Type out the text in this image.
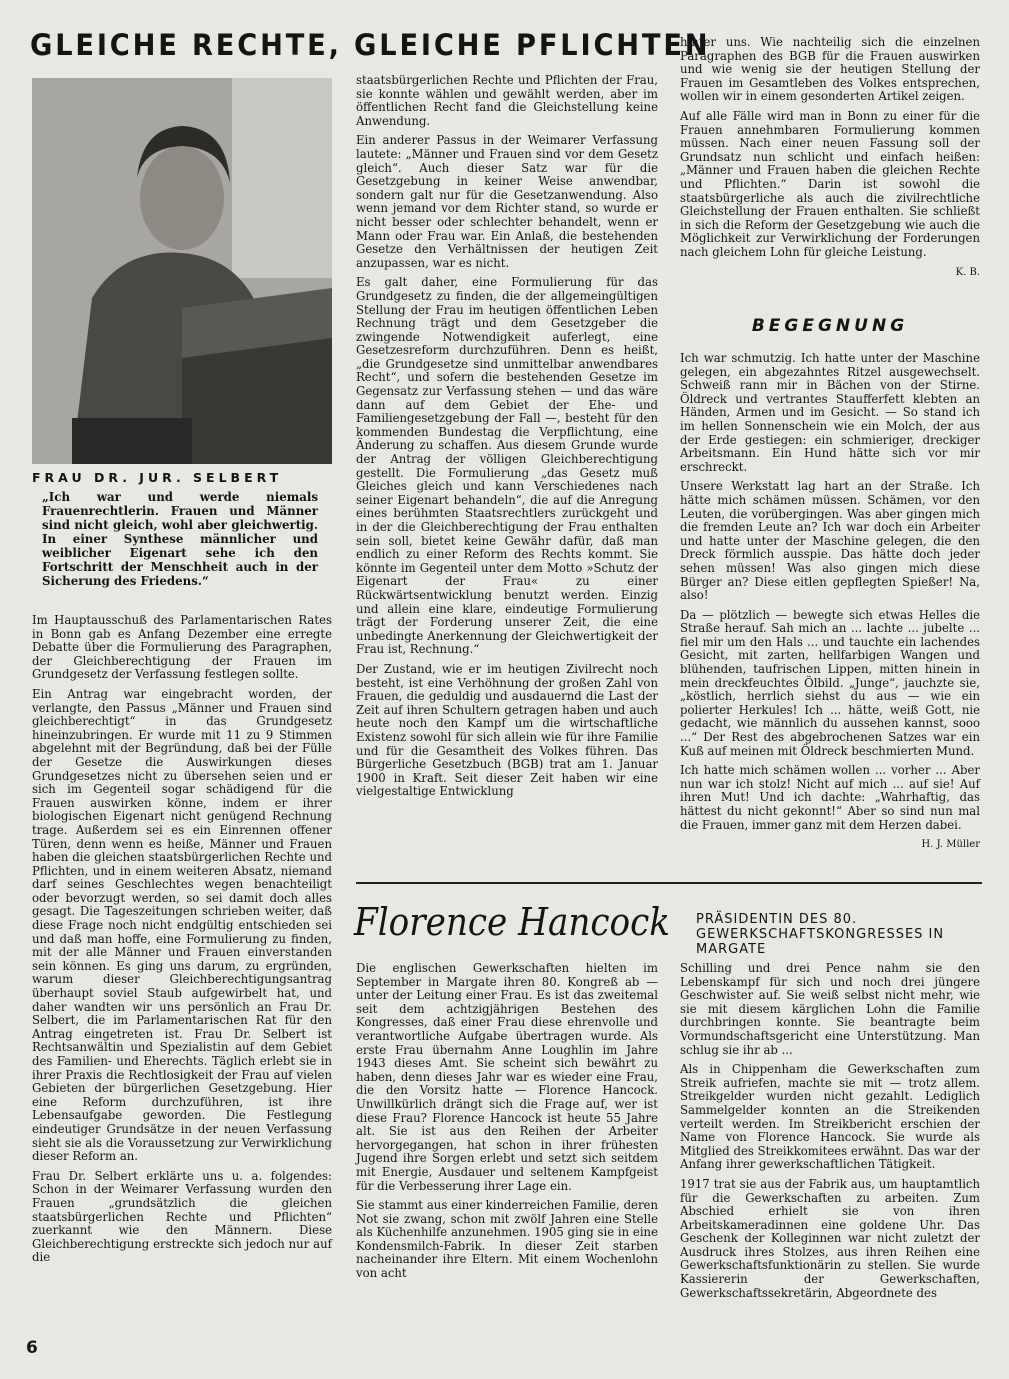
GLEICHE RECHTE, GLEICHE PFLICHTEN
FRAU DR. JUR. SELBERT
„Ich war und werde niemals Frauenrechtlerin. Frauen und Männer sind nicht gleich, wohl aber gleichwertig. In einer Synthese männlicher und weiblicher Eigenart sehe ich den Fortschritt der Menschheit auch in der Sicherung des Friedens.“

Im Hauptausschuß des Parlamentarischen Rates in Bonn gab es Anfang Dezember eine erregte Debatte über die Formulierung des Paragraphen, der Gleichberechtigung der Frauen im Grundgesetz der Verfassung festlegen sollte.

Ein Antrag war eingebracht worden, der verlangte, den Passus „Männer und Frauen sind gleichberechtigt“ in das Grundgesetz hineinzubringen. Er wurde mit 11 zu 9 Stimmen abgelehnt mit der Begründung, daß bei der Fülle der Gesetze die Auswirkungen dieses Grundgesetzes nicht zu übersehen seien und er sich im Gegenteil sogar schädigend für die Frauen auswirken könne, indem er ihrer biologischen Eigenart nicht genügend Rechnung trage. Außerdem sei es ein Einrennen offener Türen, denn wenn es heiße, Männer und Frauen haben die gleichen staatsbürgerlichen Rechte und Pflichten, und in einem weiteren Absatz, niemand darf seines Geschlechtes wegen benachteiligt oder bevorzugt werden, so sei damit doch alles gesagt. Die Tageszeitungen schrieben weiter, daß diese Frage noch nicht endgültig entschieden sei und daß man hoffe, eine Formulierung zu finden, mit der alle Männer und Frauen einverstanden sein können. Es ging uns darum, zu ergründen, warum dieser Gleichberechtigungsantrag überhaupt soviel Staub aufgewirbelt hat, und daher wandten wir uns persönlich an Frau Dr. Selbert, die im Parlamentarischen Rat für den Antrag eingetreten ist. Frau Dr. Selbert ist Rechtsanwältin und Spezialistin auf dem Gebiet des Familien- und Eherechts. Täglich erlebt sie in ihrer Praxis die Rechtlosigkeit der Frau auf vielen Gebieten der bürgerlichen Gesetzgebung. Hier eine Reform durchzuführen, ist ihre Lebensaufgabe geworden. Die Festlegung eindeutiger Grundsätze in der neuen Verfassung sieht sie als die Voraussetzung zur Verwirklichung dieser Reform an.

Frau Dr. Selbert erklärte uns u. a. folgendes: Schon in der Weimarer Verfassung wurden den Frauen „grundsätzlich die gleichen staatsbürgerlichen Rechte und Pflichten“ zuerkannt wie den Männern. Diese Gleichberechtigung erstreckte sich jedoch nur auf die

staatsbürgerlichen Rechte und Pflichten der Frau, sie konnte wählen und gewählt werden, aber im öffentlichen Recht fand die Gleichstellung keine Anwendung.

Ein anderer Passus in der Weimarer Verfassung lautete: „Männer und Frauen sind vor dem Gesetz gleich“. Auch dieser Satz war für die Gesetzgebung in keiner Weise anwendbar, sondern galt nur für die Gesetzanwendung. Also wenn jemand vor dem Richter stand, so wurde er nicht besser oder schlechter behandelt, wenn er Mann oder Frau war. Ein Anlaß, die bestehenden Gesetze den Verhältnissen der heutigen Zeit anzupassen, war es nicht.

Es galt daher, eine Formulierung für das Grundgesetz zu finden, die der allgemeingültigen Stellung der Frau im heutigen öffentlichen Leben Rechnung trägt und dem Gesetzgeber die zwingende Notwendigkeit auferlegt, eine Gesetzesreform durchzuführen. Denn es heißt, „die Grundgesetze sind unmittelbar anwendbares Recht“, und sofern die bestehenden Gesetze im Gegensatz zur Verfassung stehen — und das wäre dann auf dem Gebiet der Ehe- und Familiengesetzgebung der Fall —, besteht für den kommenden Bundestag die Verpflichtung, eine Änderung zu schaffen. Aus diesem Grunde wurde der Antrag der völligen Gleichberechtigung gestellt. Die Formulierung „das Gesetz muß Gleiches gleich und kann Verschiedenes nach seiner Eigenart behandeln“, die auf die Anregung eines berühmten Staatsrechtlers zurückgeht und in der die Gleichberechtigung der Frau enthalten sein soll, bietet keine Gewähr dafür, daß man endlich zu einer Reform des Rechts kommt. Sie könnte im Gegenteil unter dem Motto »Schutz der Eigenart der Frau« zu einer Rückwärtsentwicklung benutzt werden. Einzig und allein eine klare, eindeutige Formulierung trägt der Forderung unserer Zeit, die eine unbedingte Anerkennung der Gleichwertigkeit der Frau ist, Rechnung.“

Der Zustand, wie er im heutigen Zivilrecht noch besteht, ist eine Verhöhnung der großen Zahl von Frauen, die geduldig und ausdauernd die Last der Zeit auf ihren Schultern getragen haben und auch heute noch den Kampf um die wirtschaftliche Existenz sowohl für sich allein wie für ihre Familie und für die Gesamtheit des Volkes führen. Das Bürgerliche Gesetzbuch (BGB) trat am 1. Januar 1900 in Kraft. Seit dieser Zeit haben wir eine vielgestaltige Entwicklung

hinter uns. Wie nachteilig sich die einzelnen Paragraphen des BGB für die Frauen auswirken und wie wenig sie der heutigen Stellung der Frauen im Gesamtleben des Volkes entsprechen, wollen wir in einem gesonderten Artikel zeigen.

Auf alle Fälle wird man in Bonn zu einer für die Frauen annehmbaren Formulierung kommen müssen. Nach einer neuen Fassung soll der Grundsatz nun schlicht und einfach heißen: „Männer und Frauen haben die gleichen Rechte und Pflichten.“ Darin ist sowohl die staatsbürgerliche als auch die zivilrechtliche Gleichstellung der Frauen enthalten. Sie schließt in sich die Reform der Gesetzgebung wie auch die Möglichkeit zur Verwirklichung der Forderungen nach gleichem Lohn für gleiche Leistung.

K. B.
BEGEGNUNG

Ich war schmutzig. Ich hatte unter der Maschine gelegen, ein abgezahntes Ritzel ausgewechselt. Schweiß rann mir in Bächen von der Stirne. Öldreck und vertrantes Staufferfett klebten an Händen, Armen und im Gesicht. — So stand ich im hellen Sonnenschein wie ein Molch, der aus der Erde gestiegen: ein schmieriger, dreckiger Arbeitsmann. Ein Hund hätte sich vor mir erschreckt.

Unsere Werkstatt lag hart an der Straße. Ich hätte mich schämen müssen. Schämen, vor den Leuten, die vorübergingen. Was aber gingen mich die fremden Leute an? Ich war doch ein Arbeiter und hatte unter der Maschine gelegen, die den Dreck förmlich ausspie. Das hätte doch jeder sehen müssen! Was also gingen mich diese Bürger an? Diese eitlen gepflegten Spießer! Na, also!

Da — plötzlich — bewegte sich etwas Helles die Straße herauf. Sah mich an ... lachte ... jubelte ... fiel mir um den Hals ... und tauchte ein lachendes Gesicht, mit zarten, hellfarbigen Wangen und blühenden, taufrischen Lippen, mitten hinein in mein dreckfeuchtes Ölbild. „Junge“, jauchzte sie, „köstlich, herrlich siehst du aus — wie ein polierter Herkules! Ich ... hätte, weiß Gott, nie gedacht, wie männlich du aussehen kannst, sooo ...“ Der Rest des abgebrochenen Satzes war ein Kuß auf meinen mit Öldreck beschmierten Mund.

Ich hatte mich schämen wollen ... vorher ... Aber nun war ich stolz! Nicht auf mich ... auf sie! Auf ihren Mut! Und ich dachte: „Wahrhaftig, das hättest du nicht gekonnt!“ Aber so sind nun mal die Frauen, immer ganz mit dem Herzen dabei.

H. J. Müller
Florence Hancock PRÄSIDENTIN DES 80. GEWERKSCHAFTSKONGRESSES IN MARGATE

Die englischen Gewerkschaften hielten im September in Margate ihren 80. Kongreß ab — unter der Leitung einer Frau. Es ist das zweitemal seit dem achtzigjährigen Bestehen des Kongresses, daß einer Frau diese ehrenvolle und verantwortliche Aufgabe übertragen wurde. Als erste Frau übernahm Anne Loughlin im Jahre 1943 dieses Amt. Sie scheint sich bewährt zu haben, denn dieses Jahr war es wieder eine Frau, die den Vorsitz hatte — Florence Hancock. Unwillkürlich drängt sich die Frage auf, wer ist diese Frau? Florence Hancock ist heute 55 Jahre alt. Sie ist aus den Reihen der Arbeiter hervorgegangen, hat schon in ihrer frühesten Jugend ihre Sorgen erlebt und setzt sich seitdem mit Energie, Ausdauer und seltenem Kampfgeist für die Verbesserung ihrer Lage ein.

Sie stammt aus einer kinderreichen Familie, deren Not sie zwang, schon mit zwölf Jahren eine Stelle als Küchenhilfe anzunehmen. 1905 ging sie in eine Kondensmilch-Fabrik. In dieser Zeit starben nacheinander ihre Eltern. Mit einem Wochenlohn von acht

Schilling und drei Pence nahm sie den Lebenskampf für sich und noch drei jüngere Geschwister auf. Sie weiß selbst nicht mehr, wie sie mit diesem kärglichen Lohn die Familie durchbringen konnte. Sie beantragte beim Vormundschaftsgericht eine Unterstützung. Man schlug sie ihr ab ...

Als in Chippenham die Gewerkschaften zum Streik aufriefen, machte sie mit — trotz allem. Streikgelder wurden nicht gezahlt. Lediglich Sammelgelder konnten an die Streikenden verteilt werden. Im Streikbericht erschien der Name von Florence Hancock. Sie wurde als Mitglied des Streikkomitees erwähnt. Das war der Anfang ihrer gewerkschaftlichen Tätigkeit.

1917 trat sie aus der Fabrik aus, um hauptamtlich für die Gewerkschaften zu arbeiten. Zum Abschied erhielt sie von ihren Arbeitskameradinnen eine goldene Uhr. Das Geschenk der Kolleginnen war nicht zuletzt der Ausdruck ihres Stolzes, aus ihren Reihen eine Gewerkschaftsfunktionärin zu stellen. Sie wurde Kassiererin der Gewerkschaften, Gewerkschaftssekretärin, Abgeordnete des

6
